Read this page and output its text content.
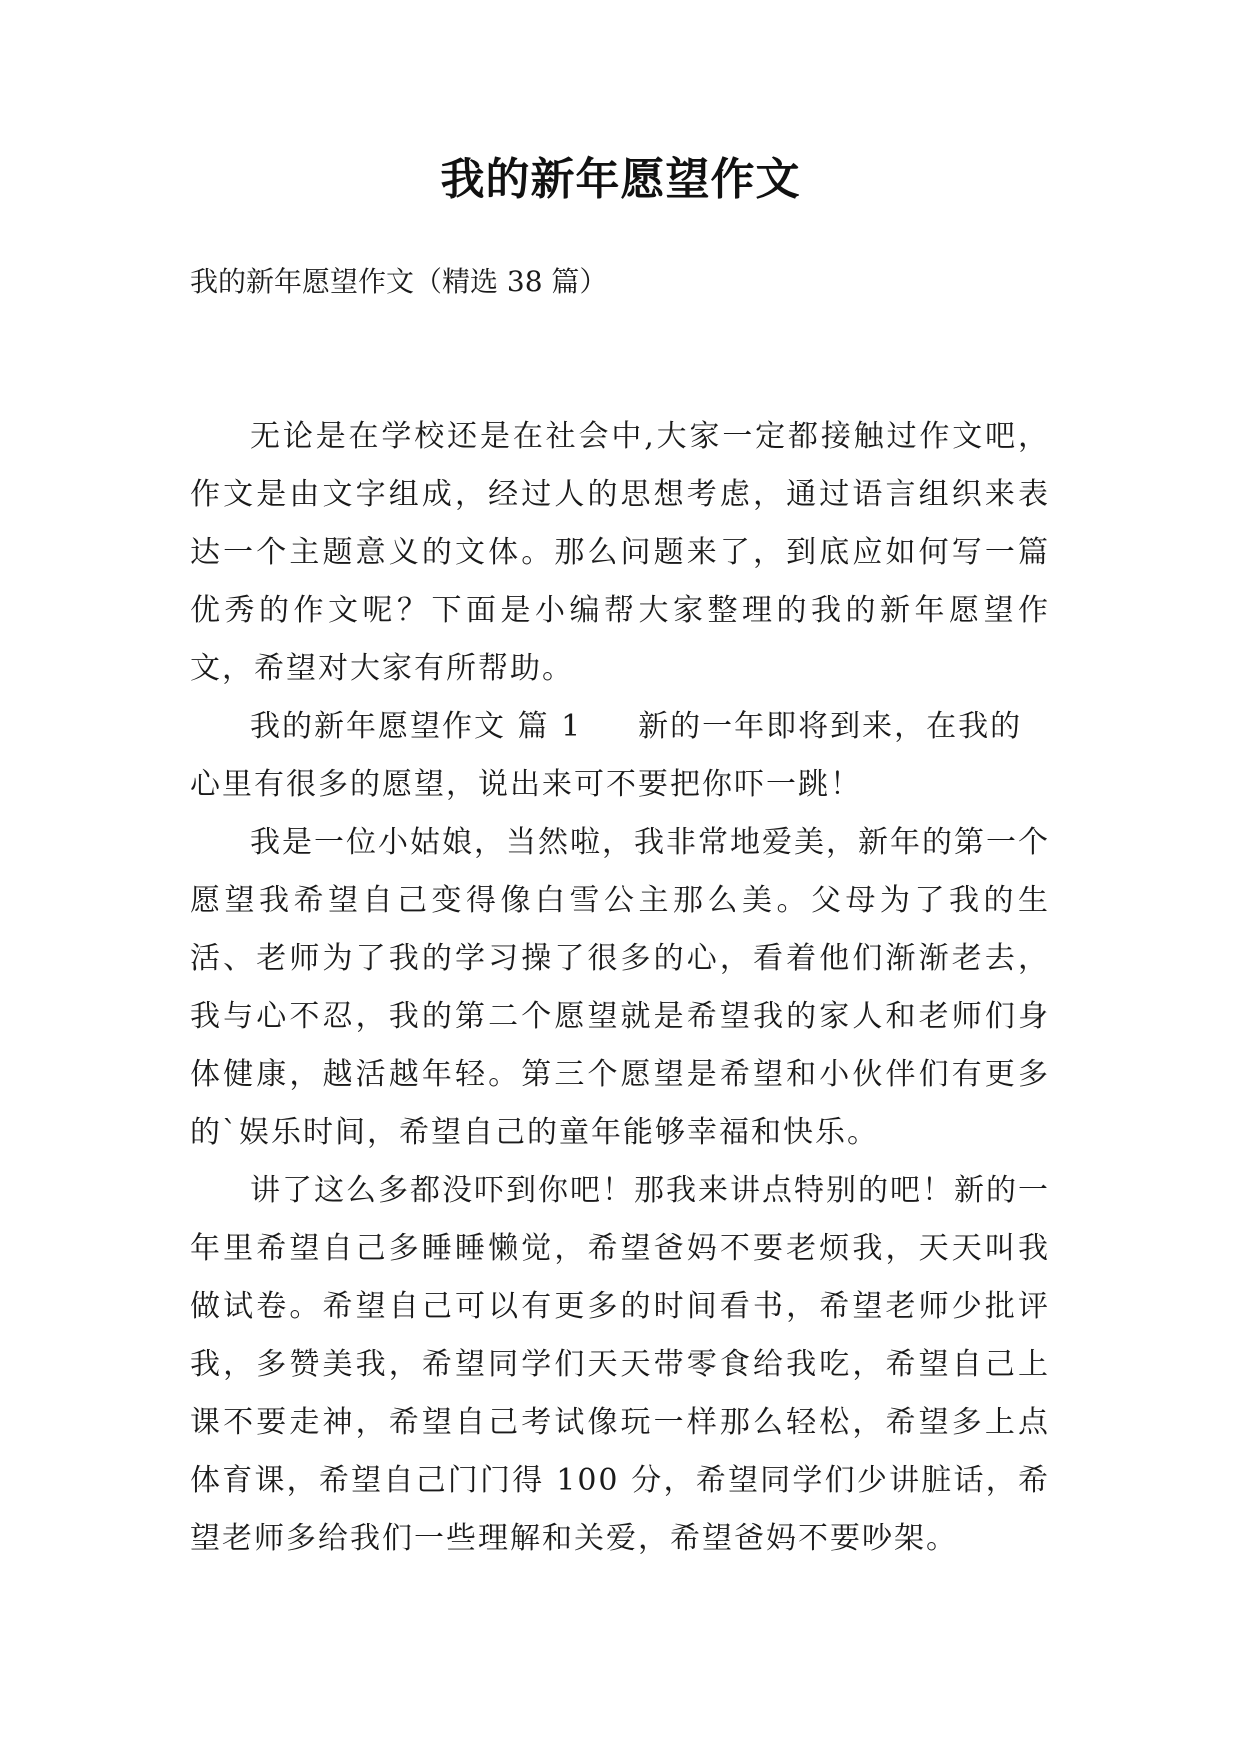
我的新年愿望作文

我的新年愿望作文（精选 38 篇）

无论是在学校还是在社会中,大家一定都接触过作文吧，作文是由文字组成，经过人的思想考虑，通过语言组织来表达一个主题意义的文体。那么问题来了，到底应如何写一篇优秀的作文呢？下面是小编帮大家整理的我的新年愿望作文，希望对大家有所帮助。

我的新年愿望作文 篇 1 新的一年即将到来，在我的心里有很多的愿望，说出来可不要把你吓一跳！

我是一位小姑娘，当然啦，我非常地爱美，新年的第一个愿望我希望自己变得像白雪公主那么美。父母为了我的生活、老师为了我的学习操了很多的心，看着他们渐渐老去，我与心不忍，我的第二个愿望就是希望我的家人和老师们身体健康，越活越年轻。第三个愿望是希望和小伙伴们有更多的`娱乐时间，希望自己的童年能够幸福和快乐。

讲了这么多都没吓到你吧！那我来讲点特别的吧！新的一年里希望自己多睡睡懒觉，希望爸妈不要老烦我，天天叫我做试卷。希望自己可以有更多的时间看书，希望老师少批评我，多赞美我，希望同学们天天带零食给我吃，希望自己上课不要走神，希望自己考试像玩一样那么轻松，希望多上点体育课，希望自己门门得 100 分，希望同学们少讲脏话，希望老师多给我们一些理解和关爱，希望爸妈不要吵架。
